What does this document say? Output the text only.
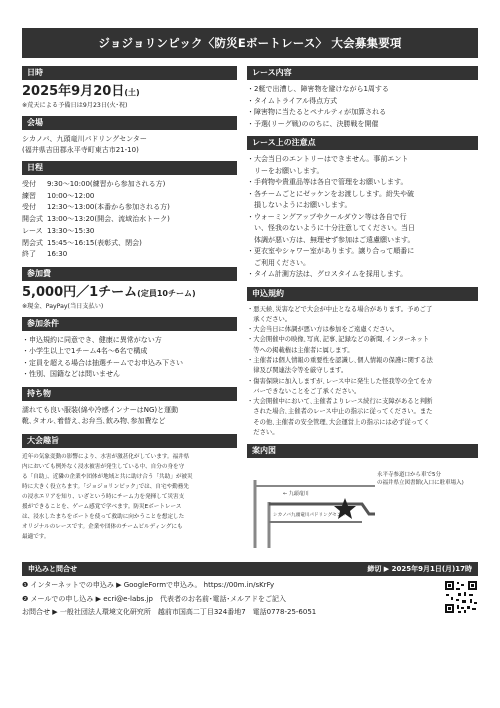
ジョジョリンピック〈防災Eボートレース〉 大会募集要項
日時
2025年9月20日(土)
※荒天による予備日は9月23日(火･祝)
会場
シカノバ、九頭竜川パドリングセンター
(福井県吉田郡永平寺町東古市21-10)
日程
受付	9:30～10:00(練習から参加される方)
練習	10:00～12:00
受付	12:30～13:00(本番から参加される方)
開会式 13:00～13:20(開会、流域治水トーク)
レース 13:30～15:30
閉会式 15:45～16:15(表彰式、閉会)
終了	16:30
参加費
5,000円／1チーム(定員10チーム)
※現金、PayPay(当日支払い)
参加条件
・申込規約に同意でき、健康に異常がない方
・小学生以上で1チーム4名～6名で構成
・定員を超える場合は抽選チームでお申込み下さい
・性別、国籍などは問いません
持ち物
濡れても良い服装(綿や冷感インナーはNG)と運動
靴､タオル､着替え､お弁当､飲み物､参加費など
大会趣旨
近年の気象変動の影響により、水害が激甚化がしています。福井県
内においても例外なく浸水被害が発生している中、自分の身を守
る「自助」、近隣の企業や団体が地域と共に助け合う「共助」が被災
時に大きく役立ちます。｢ジョジョリンピック｣では、自宅や勤務先
の浸水エリアを知り、いざという時にチーム力を発揮して災害支
援ができることを、ゲーム感覚で学べます。防災Eボートレース
は、浸水したまちをボートを使って救助に向かうことを想定した
オリジナルのレースです。企業や団体のチームビルディングにも
最適です。
レース内容
・2艇で出漕し、障害物を避けながら1周する
・タイムトライアル得点方式
・障害物に当たるとペナルティが加算される
・予選(リーグ戦)ののちに、決勝戦を開催
レース上の注意点
・大会当日のエントリーはできません。事前エント
　リーをお願いします。
・手荷物や貴重品等は各自で管理をお願いします。
・各チームごとにゼッケンをお渡しします。紛失や破
　損しないようにお願いします。
・ウォーミングアップやクールダウン等は各自で行
　い、怪我のないように十分注意してください。当日
　体調が悪い方は、無理せず参加はご遠慮願います。
・更衣室やシャワー室があります。譲り合って順番に
　ご利用ください。
・タイム計測方法は、グロスタイムを採用します。
申込規約
・悪天候､災害などで大会が中止となる場合があります。予めご了
　承ください。
・大会当日に体調が悪い方は参加をご遠慮ください。
・大会開催中の映像､写真､記事､記録などの新聞､インターネット
　等への掲載権は主催者に属します。
・主催者は個人情報の重要性を認識し､個人情報の保護に関する法
　律及び関連法令等を厳守します。
・傷害保険に加入しますが､レース中に発生した怪我等の全てをカ
　バーできないことをご了承ください。
・大会開催中において､主催者よりレース続行に支障があると判断
　された場合､主催者のレース中止の指示に従ってください。また
　その他､主催者の安全管理､大会運営上の指示には必ず従ってく
　ださい。
案内図
← 九頭竜川
シカノバ九頭竜川パドリングセンター
永平寺参道口から車で5分
の福井県立図書館(入口に駐車場入)
申込みと問合せ	締切 ▶ 2025年9月1日(月)17時
❶ インターネットでの申込み ▶ GoogleFormで申込み。 https://00m.in/sKrFy
❷ メールでの申し込み ▶ ecri@e-labs.jp　代表者のお名前･電話･メルアドをご記入
お問合せ ▶ 一般社団法人環境文化研究所　越前市国高二丁目324番地7　電話0778-25-6051
